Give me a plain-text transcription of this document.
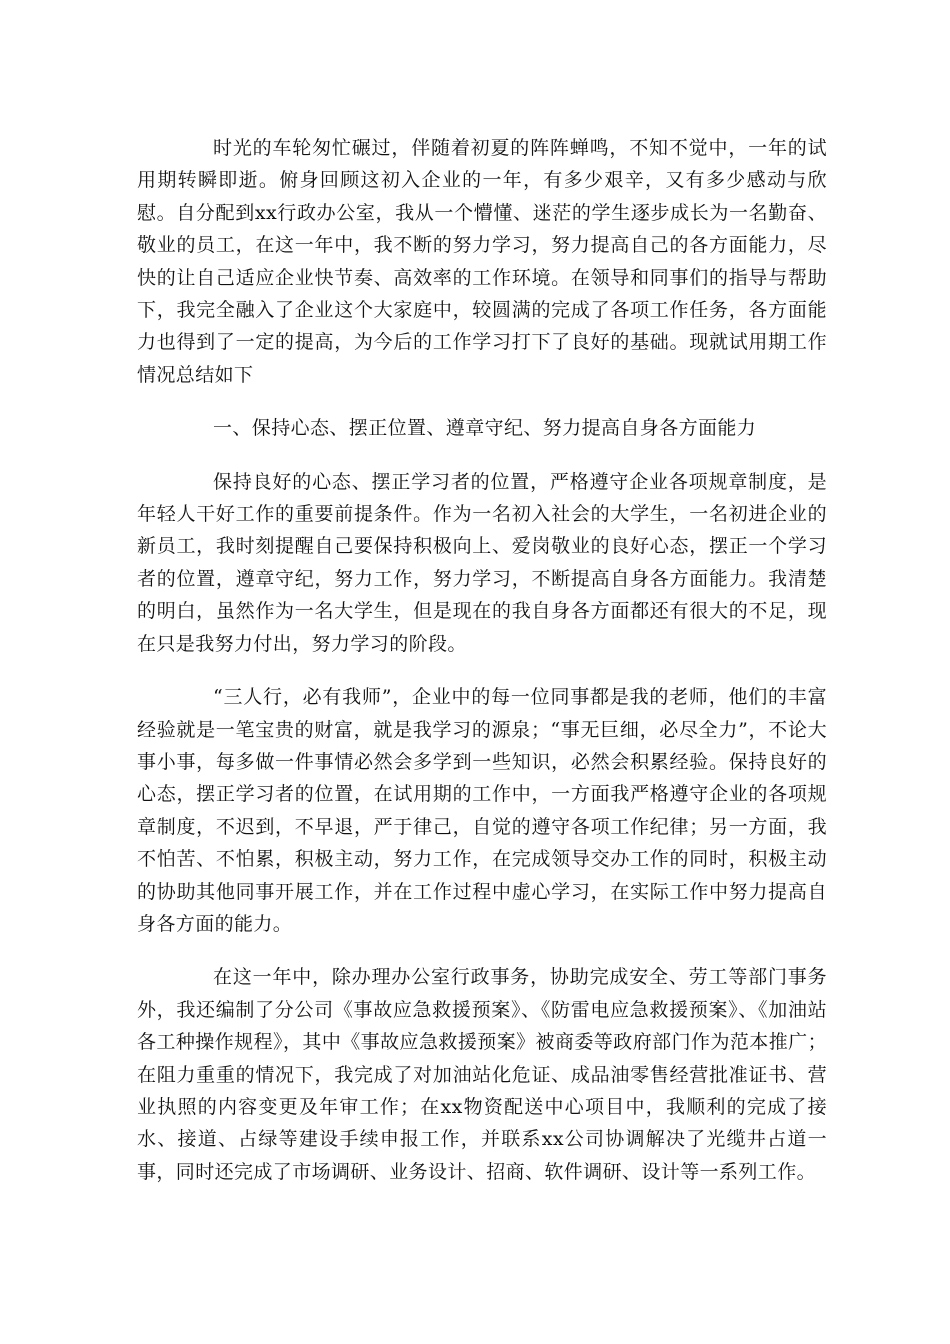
时光的车轮匆忙碾过，伴随着初夏的阵阵蝉鸣，不知不觉中，一年的试用期转瞬即逝。俯身回顾这初入企业的一年，有多少艰辛，又有多少感动与欣慰。自分配到xx行政办公室，我从一个懵懂、迷茫的学生逐步成长为一名勤奋、敬业的员工，在这一年中，我不断的努力学习，努力提高自己的各方面能力，尽快的让自己适应企业快节奏、高效率的工作环境。在领导和同事们的指导与帮助下，我完全融入了企业这个大家庭中，较圆满的完成了各项工作任务，各方面能力也得到了一定的提高，为今后的工作学习打下了良好的基础。现就试用期工作情况总结如下

一、保持心态、摆正位置、遵章守纪、努力提高自身各方面能力

保持良好的心态、摆正学习者的位置，严格遵守企业各项规章制度，是年轻人干好工作的重要前提条件。作为一名初入社会的大学生，一名初进企业的新员工，我时刻提醒自己要保持积极向上、爱岗敬业的良好心态，摆正一个学习者的位置，遵章守纪，努力工作，努力学习，不断提高自身各方面能力。我清楚的明白，虽然作为一名大学生，但是现在的我自身各方面都还有很大的不足，现在只是我努力付出，努力学习的阶段。

“三人行，必有我师”，企业中的每一位同事都是我的老师，他们的丰富经验就是一笔宝贵的财富，就是我学习的源泉；“事无巨细，必尽全力”，不论大事小事，每多做一件事情必然会多学到一些知识，必然会积累经验。保持良好的心态，摆正学习者的位置，在试用期的工作中，一方面我严格遵守企业的各项规章制度，不迟到，不早退，严于律己，自觉的遵守各项工作纪律；另一方面，我不怕苦、不怕累，积极主动，努力工作，在完成领导交办工作的同时，积极主动的协助其他同事开展工作，并在工作过程中虚心学习，在实际工作中努力提高自身各方面的能力。

在这一年中，除办理办公室行政事务，协助完成安全、劳工等部门事务外，我还编制了分公司《事故应急救援预案》、《防雷电应急救援预案》、《加油站各工种操作规程》，其中《事故应急救援预案》被商委等政府部门作为范本推广；在阻力重重的情况下，我完成了对加油站化危证、成品油零售经营批准证书、营业执照的内容变更及年审工作；在xx物资配送中心项目中，我顺利的完成了接水、接道、占绿等建设手续申报工作，并联系xx公司协调解决了光缆井占道一事，同时还完成了市场调研、业务设计、招商、软件调研、设计等一系列工作。
